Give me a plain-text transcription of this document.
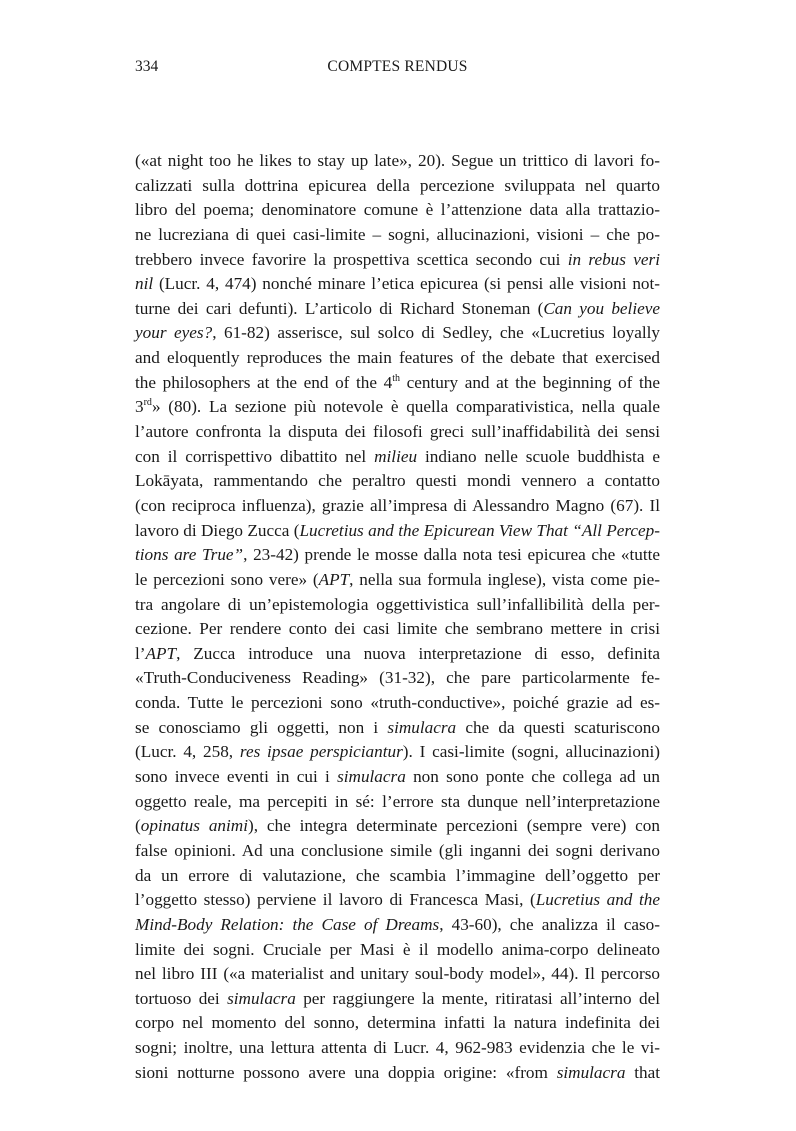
334	COMPTES RENDUS
(«at night too he likes to stay up late», 20). Segue un trittico di lavori fo-
calizzati sulla dottrina epicurea della percezione sviluppata nel quarto
libro del poema; denominatore comune è l’attenzione data alla trattazio-
ne lucreziana di quei casi-limite – sogni, allucinazioni, visioni – che po-
trebbero invece favorire la prospettiva scettica secondo cui in rebus veri
nil (Lucr. 4, 474) nonché minare l’etica epicurea (si pensi alle visioni not-
turne dei cari defunti). L’articolo di Richard Stoneman (Can you believe
your eyes?, 61-82) asserisce, sul solco di Sedley, che «Lucretius loyally
and eloquently reproduces the main features of the debate that exercised
the philosophers at the end of the 4th century and at the beginning of the
3rd» (80). La sezione più notevole è quella comparativistica, nella quale
l’autore confronta la disputa dei filosofi greci sull’inaffidabilità dei sensi
con il corrispettivo dibattito nel milieu indiano nelle scuole buddhista e
Lokāyata, rammentando che peraltro questi mondi vennero a contatto
(con reciproca influenza), grazie all’impresa di Alessandro Magno (67). Il
lavoro di Diego Zucca (Lucretius and the Epicurean View That “All Percep-
tions are True”, 23-42) prende le mosse dalla nota tesi epicurea che «tutte
le percezioni sono vere» (APT, nella sua formula inglese), vista come pie-
tra angolare di un’epistemologia oggettivistica sull’infallibilità della per-
cezione. Per rendere conto dei casi limite che sembrano mettere in crisi
l’APT, Zucca introduce una nuova interpretazione di esso, definita
«Truth-Conduciveness Reading» (31-32), che pare particolarmente fe-
conda. Tutte le percezioni sono «truth-conductive», poiché grazie ad es-
se conosciamo gli oggetti, non i simulacra che da questi scaturiscono
(Lucr. 4, 258, res ipsae perspiciantur). I casi-limite (sogni, allucinazioni)
sono invece eventi in cui i simulacra non sono ponte che collega ad un
oggetto reale, ma percepiti in sé: l’errore sta dunque nell’interpretazione
(opinatus animi), che integra determinate percezioni (sempre vere) con
false opinioni. Ad una conclusione simile (gli inganni dei sogni derivano
da un errore di valutazione, che scambia l’immagine dell’oggetto per
l’oggetto stesso) perviene il lavoro di Francesca Masi, (Lucretius and the
Mind-Body Relation: the Case of Dreams, 43-60), che analizza il caso-
limite dei sogni. Cruciale per Masi è il modello anima-corpo delineato
nel libro III («a materialist and unitary soul-body model», 44). Il percorso
tortuoso dei simulacra per raggiungere la mente, ritiratasi all’interno del
corpo nel momento del sonno, determina infatti la natura indefinita dei
sogni; inoltre, una lettura attenta di Lucr. 4, 962-983 evidenzia che le vi-
sioni notturne possono avere una doppia origine: «from simulacra that
